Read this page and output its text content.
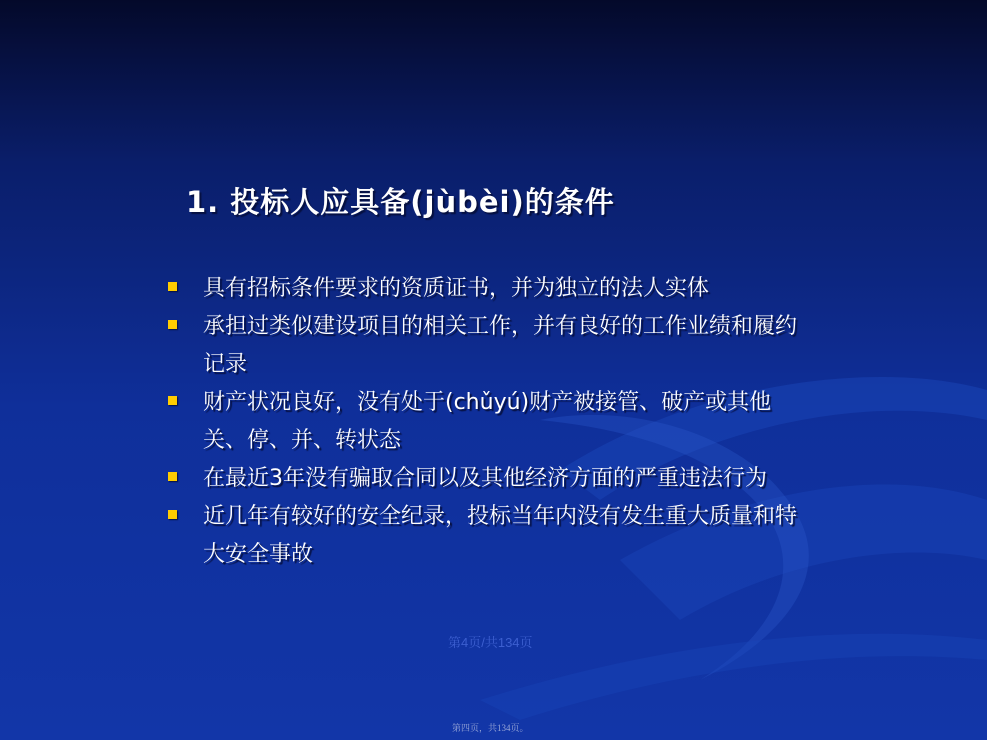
1. 投标人应具备(jùbèi)的条件
具有招标条件要求的资质证书，并为独立的法人实体
承担过类似建设项目的相关工作，并有良好的工作业绩和履约记录
财产状况良好，没有处于(chǔyú)财产被接管、破产或其他关、停、并、转状态
在最近3年没有骗取合同以及其他经济方面的严重违法行为
近几年有较好的安全纪录，投标当年内没有发生重大质量和特大安全事故
第4页/共134页
第四页，共134页。
